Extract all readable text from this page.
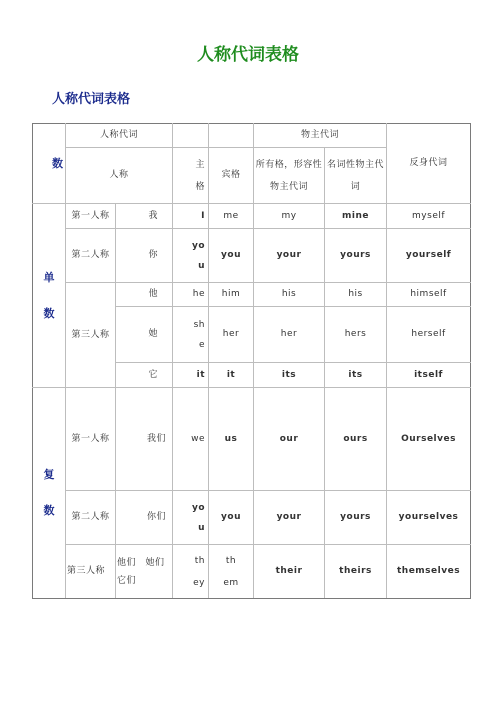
人称代词表格
人称代词表格
数	人称代词				物主代词		反身代词
	人称		主格	宾格	所有格，形容性物主代词	名词性物主代词	
单数	第一人称	我	I	me	my	mine	myself
	第二人称	你	you	you	your	yours	yourself
	第三人称	他	he	him	his	his	himself
		她	she	her	her	hers	herself
		它	it	it	its	its	itself
复数	第一人称	我们	we	us	our	ours	Ourselves
	第二人称	你们	you	you	your	yours	yourselves
	第三人称	他们　她们它们	they	them	their	theirs	themselves
